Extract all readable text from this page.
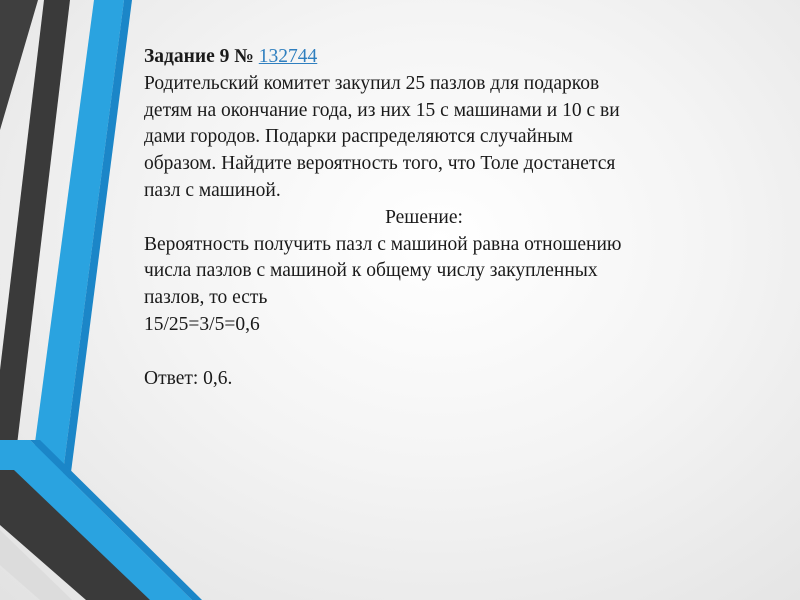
Задание 9 № 132744

Родительский комитет закупил 25 пазлов для подарков

детям на окончание года, из них 15 с машинами и 10 с ви

дами городов. Подарки распределяются случайным

образом. Найдите вероятность того, что Толе достанется

пазл с машиной.

Решение:

Вероятность получить пазл с машиной равна отношению

числа пазлов с машиной к общему числу закупленных

пазлов, то есть

15/25=3/5=0,6

Ответ: 0,6.
